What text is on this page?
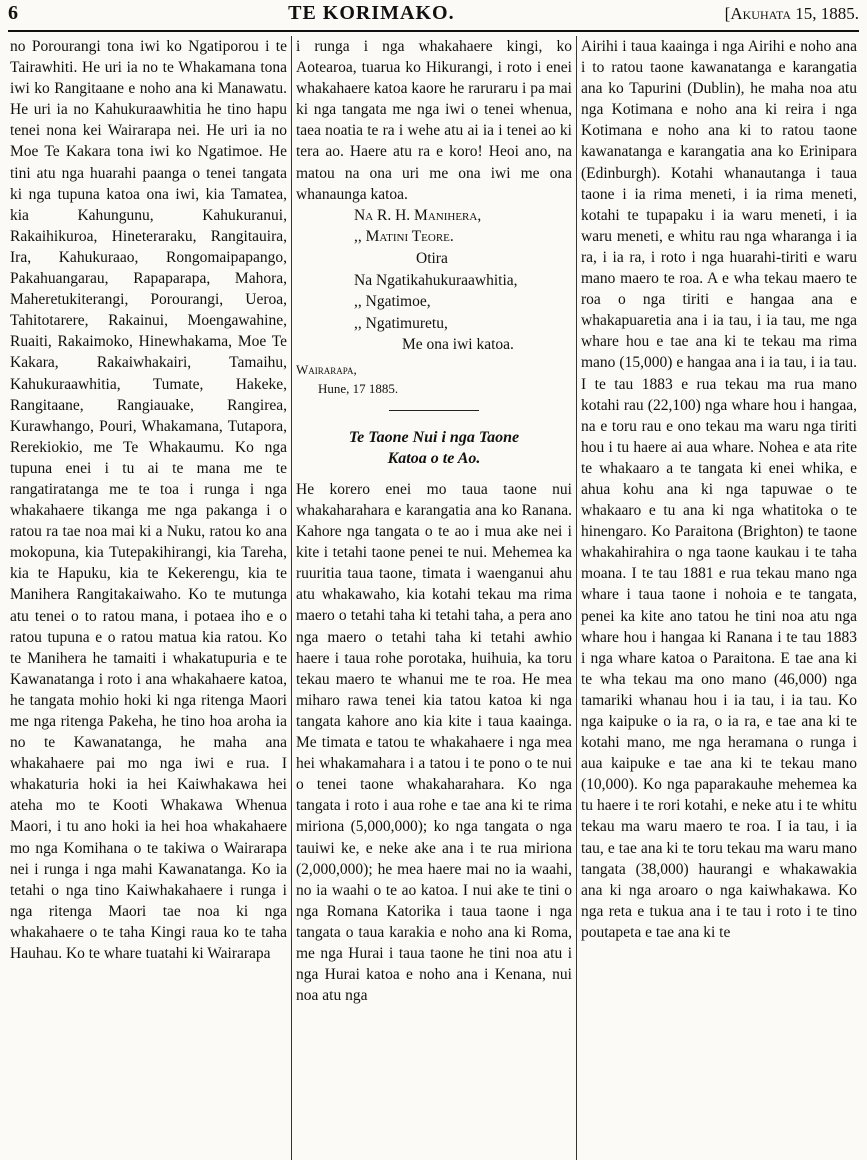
6	TE KORIMAKO.	[Akuhata 15, 1885.

no Porourangi tona iwi ko Ngatiporou i te Tairawhiti. He uri ia no te Whakamana tona iwi ko Rangitaane e noho ana ki Manawatu. He uri ia no Kahukuraawhitia he tino hapu tenei nona kei Wairarapa nei. He uri ia no Moe Te Kakara tona iwi ko Ngatimoe. He tini atu nga huarahi paanga o tenei tangata ki nga tupuna katoa ona iwi, kia Tamatea, kia Kahungunu, Kahukuranui, Rakaihikuroa, Hineteraraku, Rangitauira, Ira, Kahukuraao, Rongomaipapango, Pakahuangarau, Rapaparapa, Mahora, Maheretukiterangi, Porourangi, Ueroa, Tahitotarere, Rakainui, Moengawahine, Ruaiti, Rakaimoko, Hinewhakama, Moe Te Kakara, Rakaiwhakairi, Tamaihu, Kahukuraawhitia, Tumate, Hakeke, Rangitaane, Rangiauake, Rangirea, Kurawhango, Pouri, Whakamana, Tutapora, Rerekiokio, me Te Whakaumu. Ko nga tupuna enei i tu ai te mana me te rangatiratanga me te toa i runga i nga whakahaere tikanga me nga pakanga i o ratou ra tae noa mai ki a Nuku, ratou ko ana mokopuna, kia Tutepakihirangi, kia Tareha, kia te Hapuku, kia te Kekerengu, kia te Manihera Rangitakaiwaho. Ko te mutunga atu tenei o to ratou mana, i potaea iho e o ratou tupuna e o ratou matua kia ratou. Ko te Manihera he tamaiti i whakatupuria e te Kawanatanga i roto i ana whakahaere katoa, he tangata mohio hoki ki nga ritenga Maori me nga ritenga Pakeha, he tino hoa aroha ia no te Kawanatanga, he maha ana whakahaere pai mo nga iwi e rua. I whakaturia hoki ia hei Kaiwhakawa hei ateha mo te Kooti Whakawa Whenua Maori, i tu ano hoki ia hei hoa whakahaere mo nga Komihana o te takiwa o Wairarapa nei i runga i nga mahi Kawanatanga. Ko ia tetahi o nga tino Kaiwhakahaere i runga i nga ritenga Maori tae noa ki nga whakahaere o te taha Kingi raua ko te taha Hauhau. Ko te whare tuatahi ki Wairarapa

i runga i nga whakahaere kingi, ko Aotearoa, tuarua ko Hikurangi, i roto i enei whakahaere katoa kaore he raruraru i pa mai ki nga tangata me nga iwi o tenei whenua, taea noatia te ra i wehe atu ai ia i tenei ao ki tera ao. Haere atu ra e koro! Heoi ano, na matou na ona uri me ona iwi me ona whanaunga katoa.

Na R. H. Manihera,
,, Matini Teore.
Otira
Na Ngatikahukuraawhitia,
,, Ngatimoe,
,, Ngatimuretu,
Me ona iwi katoa.
Wairarapa,
Hune, 17 1885.
Te Taone Nui i nga Taone
Katoa o te Ao.

He korero enei mo taua taone nui whakaharahara e karangatia ana ko Ranana. Kahore nga tangata o te ao i mua ake nei i kite i tetahi taone penei te nui. Mehemea ka ruuritia taua taone, timata i waenganui ahu atu whakawaho, kia kotahi tekau ma rima maero o tetahi taha ki tetahi taha, a pera ano nga maero o tetahi taha ki tetahi awhio haere i taua rohe porotaka, huihuia, ka toru tekau maero te whanui me te roa. He mea miharo rawa tenei kia tatou katoa ki nga tangata kahore ano kia kite i taua kaainga. Me timata e tatou te whakahaere i nga mea hei whakamahara i a tatou i te pono o te nui o tenei taone whakaharahara. Ko nga tangata i roto i aua rohe e tae ana ki te rima miriona (5,000,000); ko nga tangata o nga tauiwi ke, e neke ake ana i te rua miriona (2,000,000); he mea haere mai no ia waahi, no ia waahi o te ao katoa. I nui ake te tini o nga Romana Katorika i taua taone i nga tangata o taua karakia e noho ana ki Roma, me nga Hurai i taua taone he tini noa atu i nga Hurai katoa e noho ana i Kenana, nui noa atu nga

Airihi i taua kaainga i nga Airihi e noho ana i to ratou taone kawanatanga e karangatia ana ko Tapurini (Dublin), he maha noa atu nga Kotimana e noho ana ki reira i nga Kotimana e noho ana ki to ratou taone kawanatanga e karangatia ana ko Erinipara (Edinburgh). Kotahi whanautanga i taua taone i ia rima meneti, i ia rima meneti, kotahi te tupapaku i ia waru meneti, i ia waru meneti, e whitu rau nga wharanga i ia ra, i ia ra, i roto i nga huarahi-tiriti e waru mano maero te roa. A e wha tekau maero te roa o nga tiriti e hangaa ana e whakapuaretia ana i ia tau, i ia tau, me nga whare hou e tae ana ki te tekau ma rima mano (15,000) e hangaa ana i ia tau, i ia tau. I te tau 1883 e rua tekau ma rua mano kotahi rau (22,100) nga whare hou i hangaa, na e toru rau e ono tekau ma waru nga tiriti hou i tu haere ai aua whare. Nohea e ata rite te whakaaro a te tangata ki enei whika, e ahua kohu ana ki nga tapuwae o te whakaaro e tu ana ki nga whatitoka o te hinengaro. Ko Paraitona (Brighton) te taone whakahirahira o nga taone kaukau i te taha moana. I te tau 1881 e rua tekau mano nga whare i taua taone i nohoia e te tangata, penei ka kite ano tatou he tini noa atu nga whare hou i hangaa ki Ranana i te tau 1883 i nga whare katoa o Paraitona. E tae ana ki te wha tekau ma ono mano (46,000) nga tamariki whanau hou i ia tau, i ia tau. Ko nga kaipuke o ia ra, o ia ra, e tae ana ki te kotahi mano, me nga heramana o runga i aua kaipuke e tae ana ki te tekau mano (10,000). Ko nga paparakauhe mehemea ka tu haere i te rori kotahi, e neke atu i te whitu tekau ma waru maero te roa. I ia tau, i ia tau, e tae ana ki te toru tekau ma waru mano tangata (38,000) haurangi e whakawakia ana ki nga aroaro o nga kaiwhakawa. Ko nga reta e tukua ana i te tau i roto i te tino poutapeta e tae ana ki te
